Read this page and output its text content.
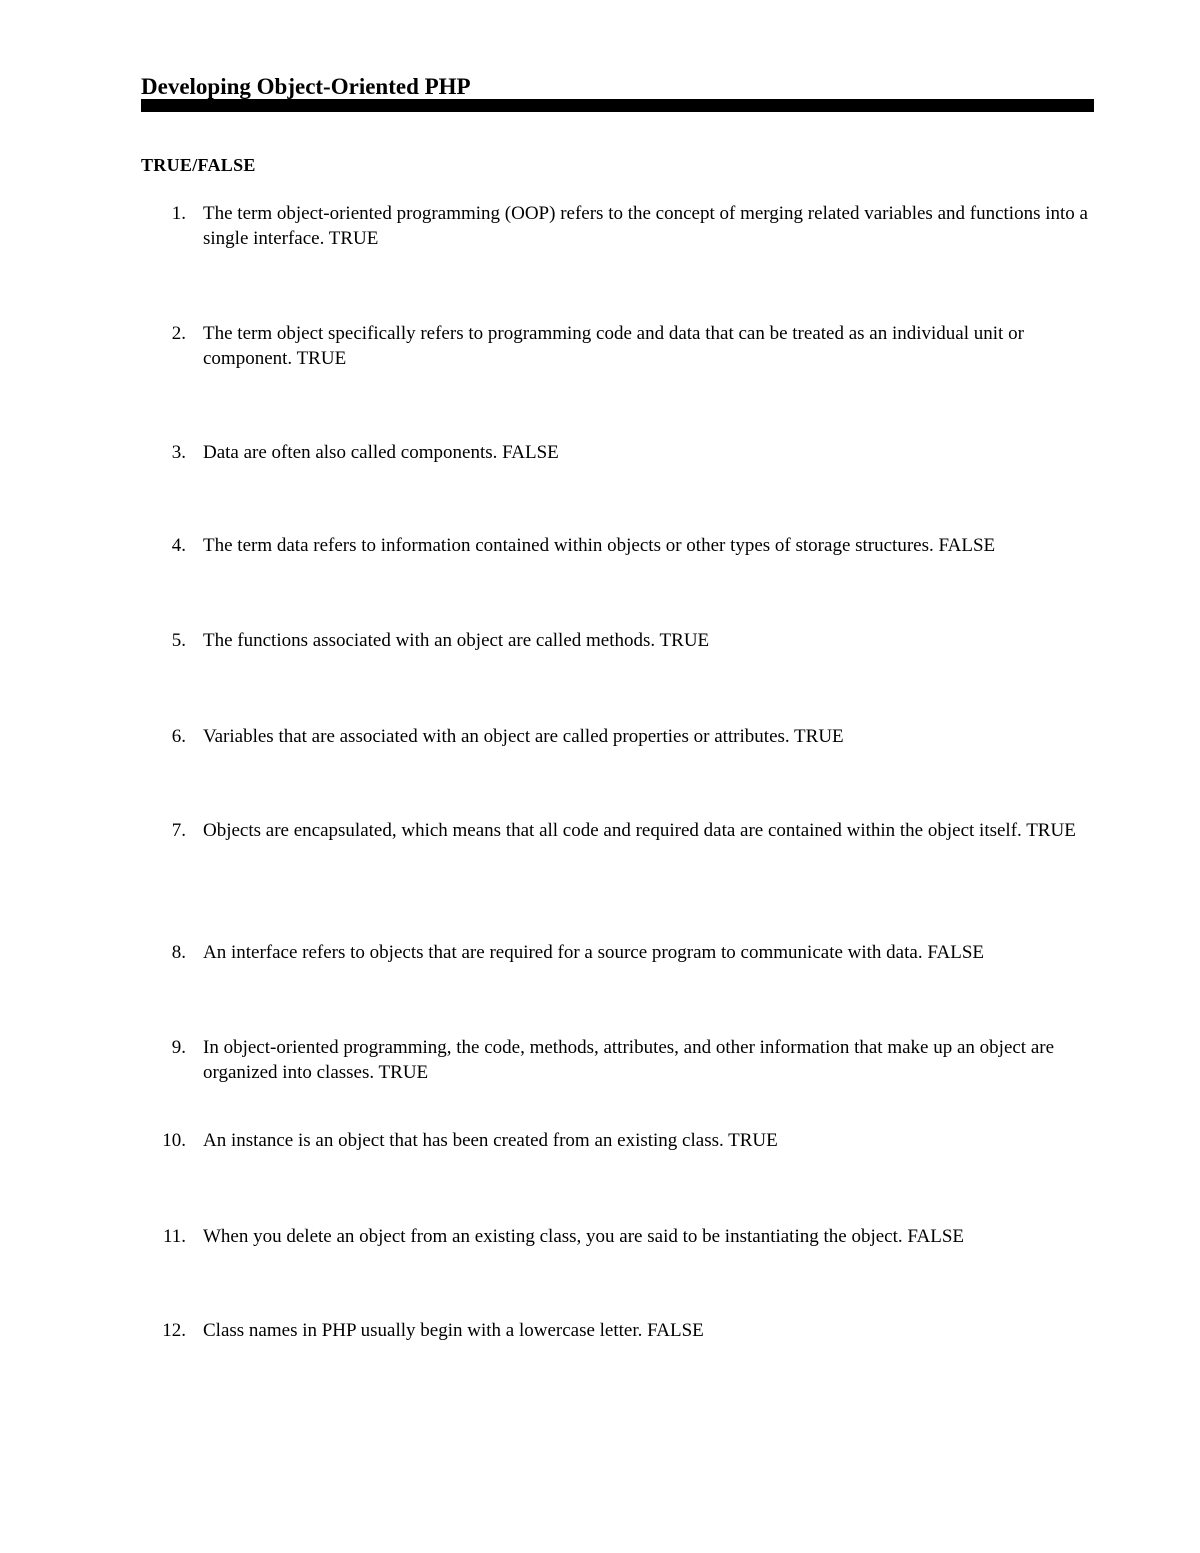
Developing Object-Oriented PHP
TRUE/FALSE
1. The term object-oriented programming (OOP) refers to the concept of merging related variables and functions into a single interface. TRUE
2. The term object specifically refers to programming code and data that can be treated as an individual unit or component. TRUE
3. Data are often also called components. FALSE
4. The term data refers to information contained within objects or other types of storage structures. FALSE
5. The functions associated with an object are called methods. TRUE
6. Variables that are associated with an object are called properties or attributes. TRUE
7. Objects are encapsulated, which means that all code and required data are contained within the object itself. TRUE
8. An interface refers to objects that are required for a source program to communicate with data. FALSE
9. In object-oriented programming, the code, methods, attributes, and other information that make up an object are organized into classes. TRUE
10. An instance is an object that has been created from an existing class. TRUE
11. When you delete an object from an existing class, you are said to be instantiating the object. FALSE
12. Class names in PHP usually begin with a lowercase letter. FALSE
